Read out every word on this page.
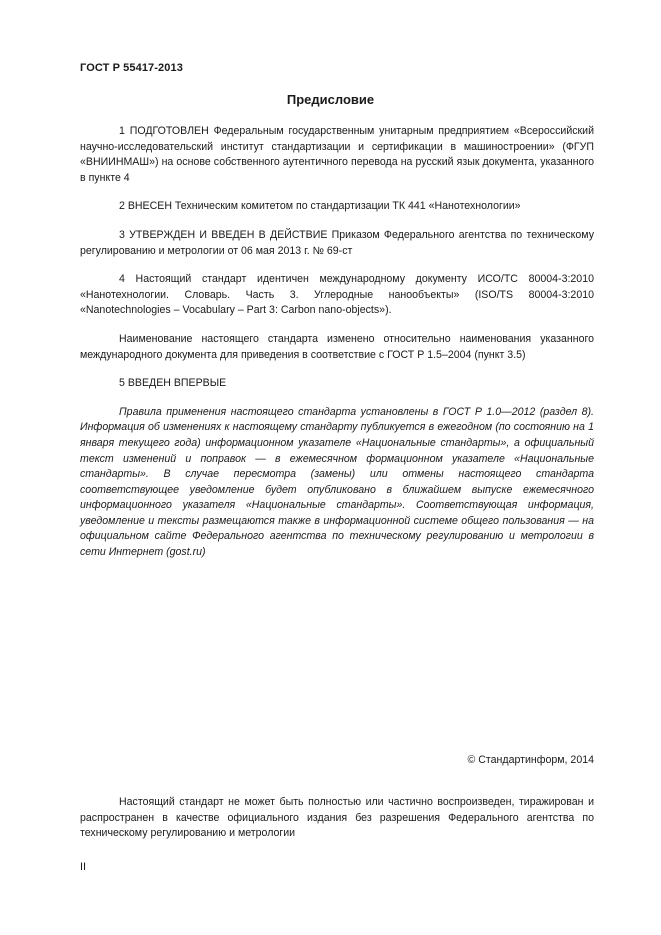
ГОСТ Р 55417-2013
Предисловие

1 ПОДГОТОВЛЕН Федеральным государственным унитарным предприятием «Всероссийский научно-исследовательский институт стандартизации и сертификации в машиностроении» (ФГУП «ВНИИНМАШ») на основе собственного аутентичного перевода на русский язык документа, указанного в пункте 4

2 ВНЕСЕН Техническим комитетом по стандартизации ТК 441 «Нанотехнологии»

3 УТВЕРЖДЕН И ВВЕДЕН В ДЕЙСТВИЕ Приказом Федерального агентства по техническому регулированию и метрологии от 06 мая 2013 г. № 69-ст

4 Настоящий стандарт идентичен международному документу ИСО/ТС 80004-3:2010 «Нанотехнологии. Словарь. Часть 3. Углеродные нанообъекты» (ISO/TS 80004-3:2010 «Nanotechnologies – Vocabulary – Part 3: Carbon nano-objects»).

Наименование настоящего стандарта изменено относительно наименования указанного международного документа для приведения в соответствие с ГОСТ Р 1.5–2004 (пункт 3.5)

5 ВВЕДЕН ВПЕРВЫЕ

Правила применения настоящего стандарта установлены в ГОСТ Р 1.0—2012 (раздел 8). Информация об изменениях к настоящему стандарту публикуется в ежегодном (по состоянию на 1 января текущего года) информационном указателе «Национальные стандарты», а официальный текст изменений и поправок — в ежемесячном формационном указателе «Национальные стандарты». В случае пересмотра (замены) или отмены настоящего стандарта соответствующее уведомление будет опубликовано в ближайшем выпуске ежемесячного информационного указателя «Национальные стандарты». Соответствующая информация, уведомление и тексты размещаются также в информационной системе общего пользования — на официальном сайте Федерального агентства по техническому регулированию и метрологии в сети Интернет (gost.ru)

© Стандартинформ, 2014
Настоящий стандарт не может быть полностью или частично воспроизведен, тиражирован и распространен в качестве официального издания без разрешения Федерального агентства по техническому регулированию и метрологии
II
